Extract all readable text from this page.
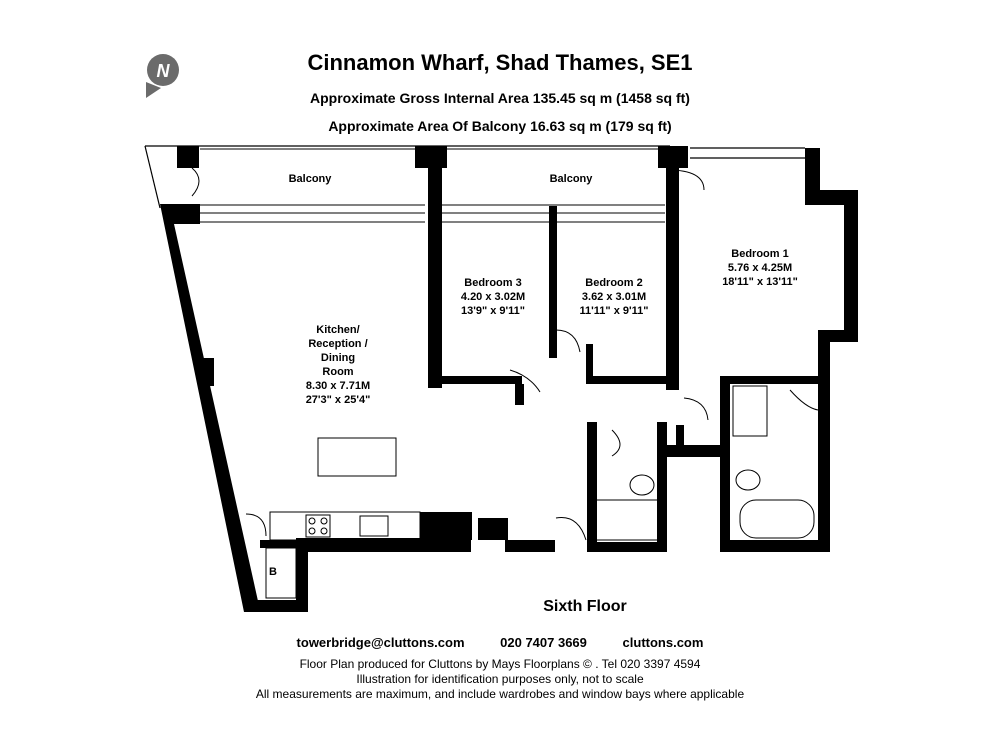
Cinnamon Wharf, Shad Thames, SE1
Approximate Gross Internal Area 135.45 sq m (1458 sq ft)
Approximate Area Of Balcony 16.63 sq m (179 sq ft)
N
Balcony	Balcony
Bedroom 3
4.20 x 3.02M
13'9" x 9'11"
Bedroom 2
3.62 x 3.01M
11'11" x 9'11"
Bedroom 1
5.76 x 4.25M
18'11" x 13'11"
Kitchen/
Reception /
Dining
Room
8.30 x 7.71M
27'3" x 25'4"
B
Sixth Floor
towerbridge@cluttons.com	020 7407 3669	cluttons.com
Floor Plan produced for Cluttons by Mays Floorplans © . Tel 020 3397 4594
Illustration for identification purposes only, not to scale
All measurements are maximum, and include wardrobes and window bays where applicable
